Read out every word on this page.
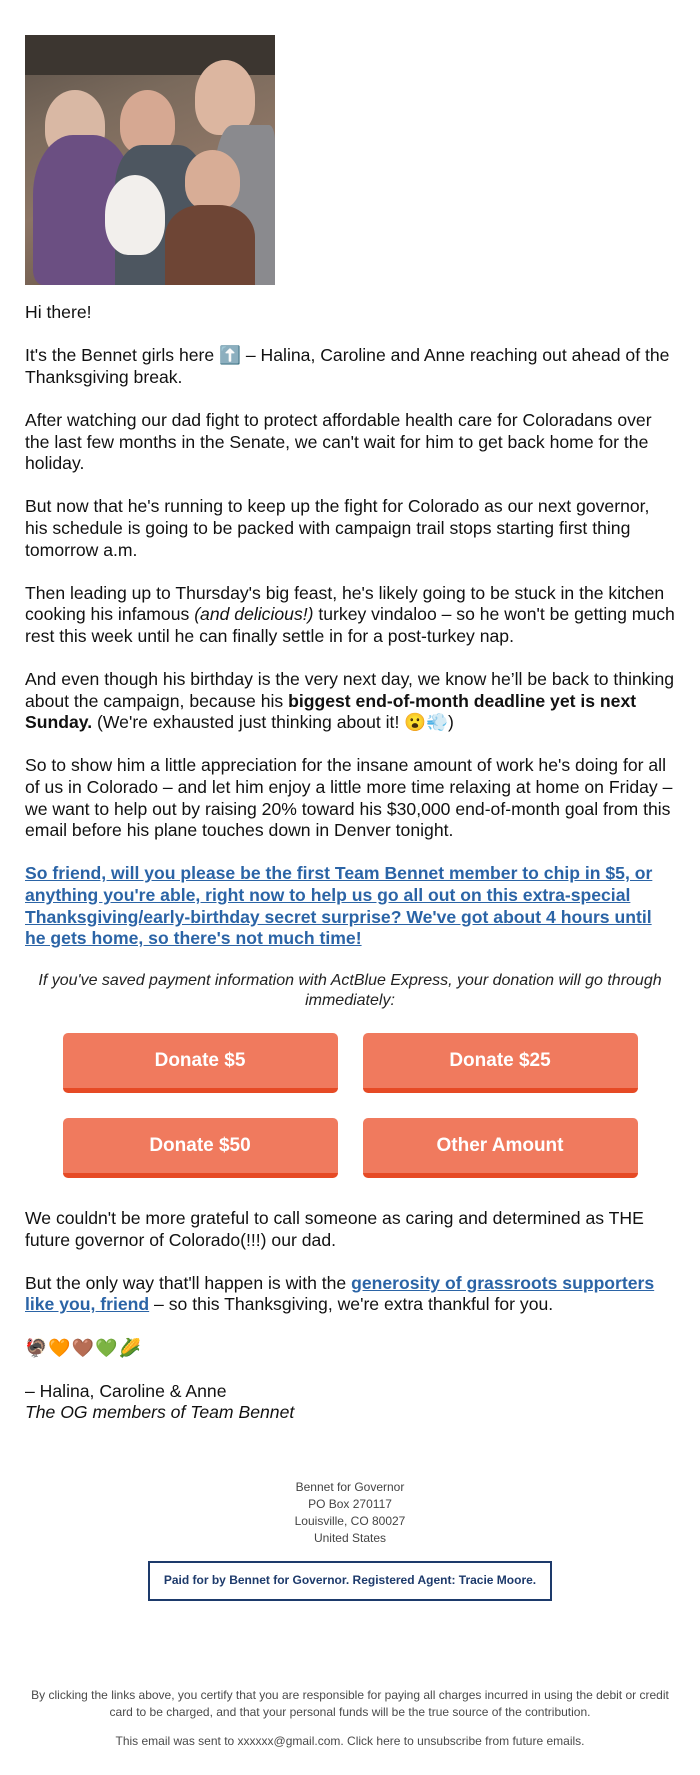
Hi there!

It's the Bennet girls here ⬆️ – Halina, Caroline and Anne reaching out ahead of the Thanksgiving break.

After watching our dad fight to protect affordable health care for Coloradans over the last few months in the Senate, we can't wait for him to get back home for the holiday.

But now that he's running to keep up the fight for Colorado as our next governor, his schedule is going to be packed with campaign trail stops starting first thing tomorrow a.m.

Then leading up to Thursday's big feast, he's likely going to be stuck in the kitchen cooking his infamous (and delicious!) turkey vindaloo – so he won't be getting much rest this week until he can finally settle in for a post-turkey nap.

And even though his birthday is the very next day, we know he’ll be back to thinking about the campaign, because his biggest end-of-month deadline yet is next Sunday. (We're exhausted just thinking about it! 😮💨)

So to show him a little appreciation for the insane amount of work he's doing for all of us in Colorado – and let him enjoy a little more time relaxing at home on Friday – we want to help out by raising 20% toward his $30,000 end-of-month goal from this email before his plane touches down in Denver tonight.

So friend, will you please be the first Team Bennet member to chip in $5, or anything you're able, right now to help us go all out on this extra-special Thanksgiving/early-birthday secret surprise? We've got about 4 hours until he gets home, so there's not much time!

If you've saved payment information with ActBlue Express, your donation will go through immediately:

Donate $5	Donate $25
Donate $50	Other Amount

We couldn't be more grateful to call someone as caring and determined as THE future governor of Colorado(!!!) our dad.

But the only way that'll happen is with the generosity of grassroots supporters like you, friend – so this Thanksgiving, we're extra thankful for you.

🦃🧡🤎💚🌽

– Halina, Caroline & Anne

The OG members of Team Bennet

Bennet for Governor
PO Box 270117
Louisville, CO 80027
United States
Paid for by Bennet for Governor. Registered Agent: Tracie Moore.

By clicking the links above, you certify that you are responsible for paying all charges incurred in using the debit or credit card to be charged, and that your personal funds will be the true source of the contribution.

This email was sent to xxxxxx@gmail.com. Click here to unsubscribe from future emails.
